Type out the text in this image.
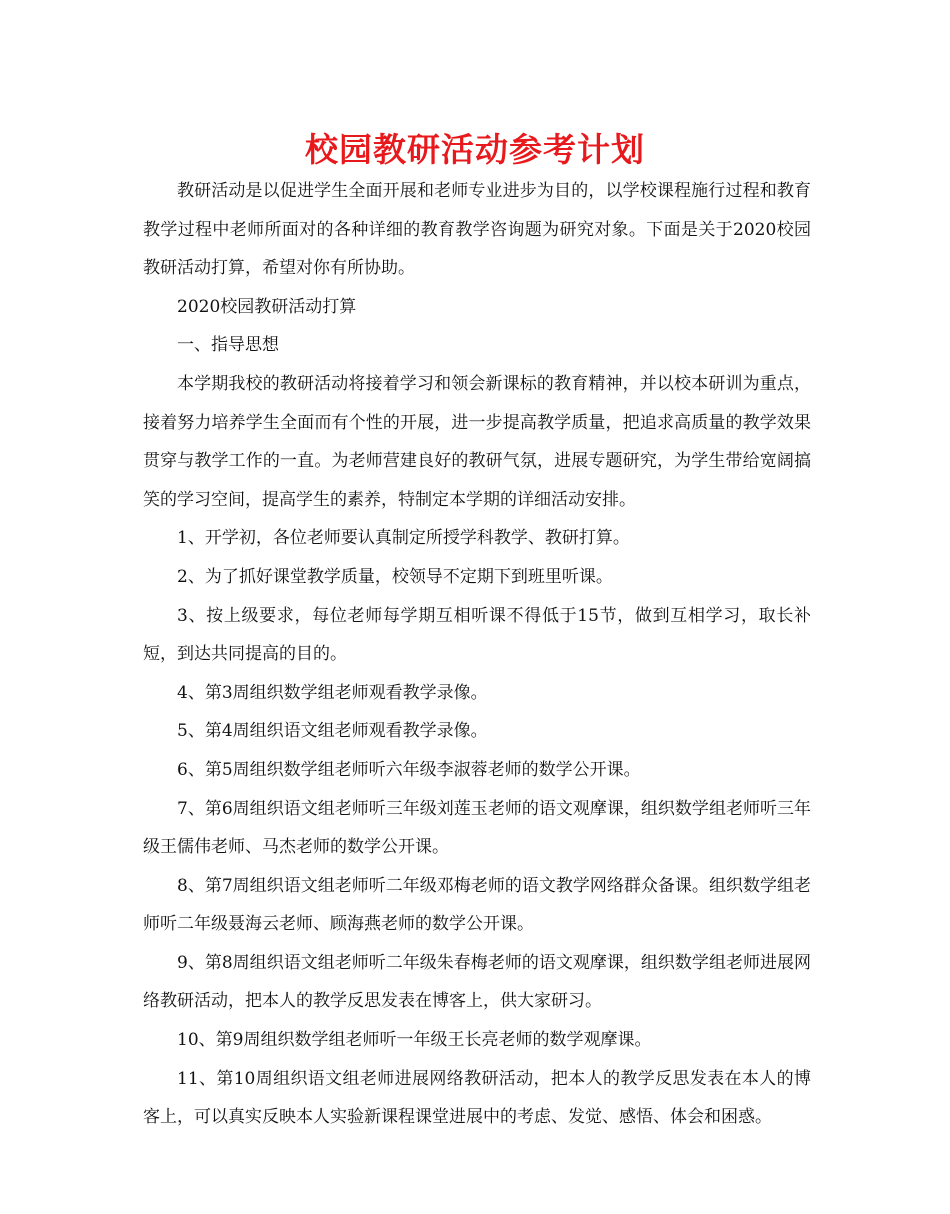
校园教研活动参考计划

教研活动是以促进学生全面开展和老师专业进步为目的，以学校课程施行过程和教育教学过程中老师所面对的各种详细的教育教学咨询题为研究对象。下面是关于2020校园教研活动打算，希望对你有所协助。

2020校园教研活动打算

一、指导思想

本学期我校的教研活动将接着学习和领会新课标的教育精神，并以校本研训为重点，接着努力培养学生全面而有个性的开展，进一步提高教学质量，把追求高质量的教学效果贯穿与教学工作的一直。为老师营建良好的教研气氛，进展专题研究，为学生带给宽阔搞笑的学习空间，提高学生的素养，特制定本学期的详细活动安排。

1、开学初，各位老师要认真制定所授学科教学、教研打算。

2、为了抓好课堂教学质量，校领导不定期下到班里听课。

3、按上级要求，每位老师每学期互相听课不得低于15节，做到互相学习，取长补短，到达共同提高的目的。

4、第3周组织数学组老师观看教学录像。

5、第4周组织语文组老师观看教学录像。

6、第5周组织数学组老师听六年级李淑蓉老师的数学公开课。

7、第6周组织语文组老师听三年级刘莲玉老师的语文观摩课，组织数学组老师听三年级王儒伟老师、马杰老师的数学公开课。

8、第7周组织语文组老师听二年级邓梅老师的语文教学网络群众备课。组织数学组老师听二年级聂海云老师、顾海燕老师的数学公开课。

9、第8周组织语文组老师听二年级朱春梅老师的语文观摩课，组织数学组老师进展网络教研活动，把本人的教学反思发表在博客上，供大家研习。

10、第9周组织数学组老师听一年级王长亮老师的数学观摩课。

11、第10周组织语文组老师进展网络教研活动，把本人的教学反思发表在本人的博客上，可以真实反映本人实验新课程课堂进展中的考虑、发觉、感悟、体会和困惑。
